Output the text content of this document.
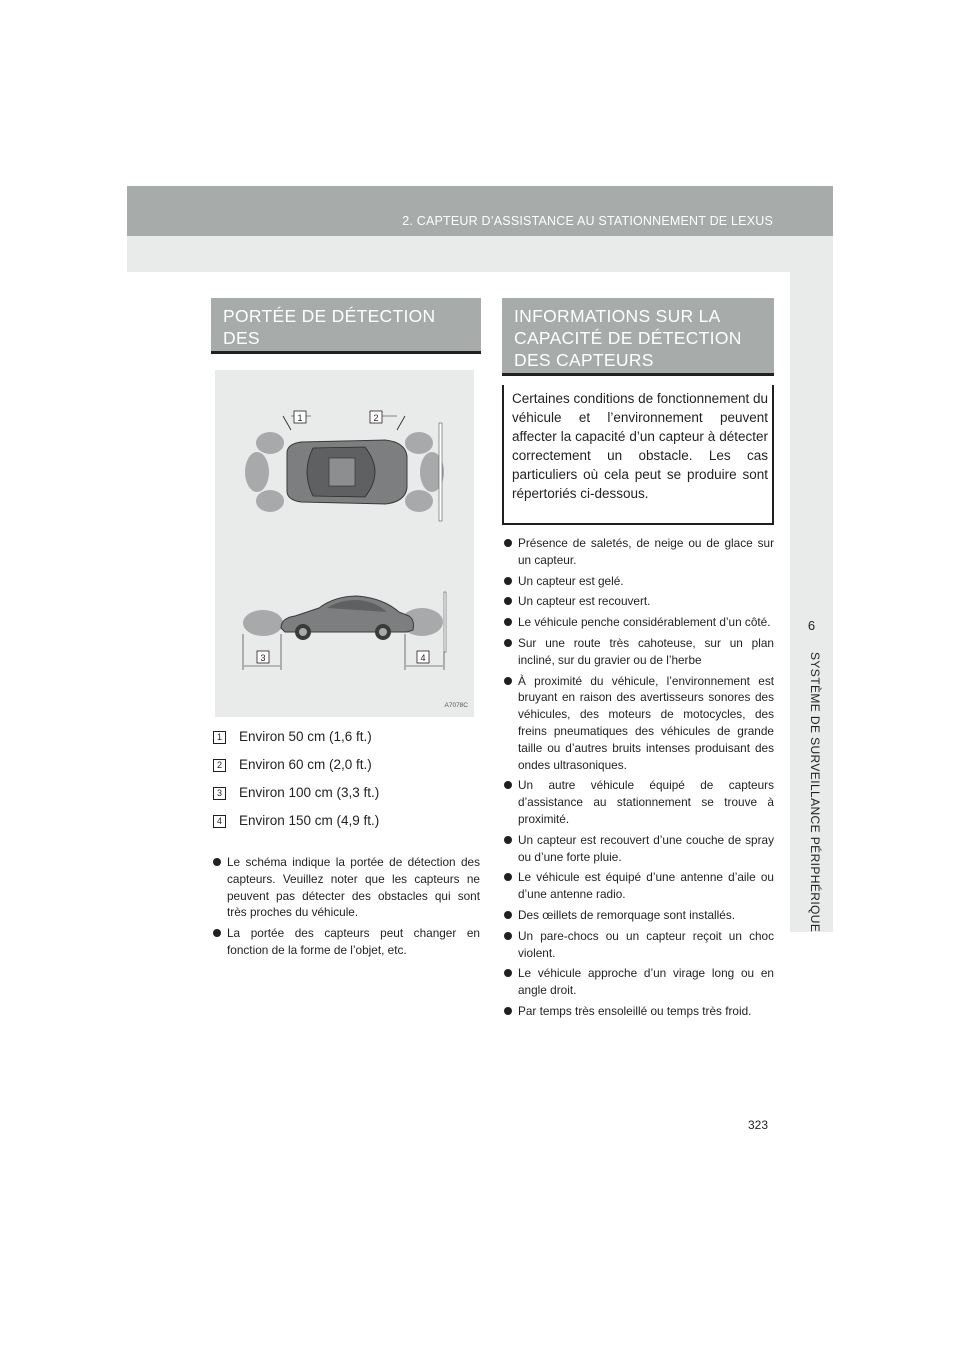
2. CAPTEUR D’ASSISTANCE AU STATIONNEMENT DE LEXUS
6
SYSTÈME DE SURVEILLANCE PÉRIPHÉRIQUE
PORTÉE DE DÉTECTION DES
CAPTEURS
1	2
3	4
A7078C
1 Environ 50 cm (1,6 ft.)
2 Environ 60 cm (2,0 ft.)
3 Environ 100 cm (3,3 ft.)
4 Environ 150 cm (4,9 ft.)
Le schéma indique la portée de détection des capteurs. Veuillez noter que les capteurs ne peuvent pas détecter des obstacles qui sont très proches du véhicule.
La portée des capteurs peut changer en fonction de la forme de l’objet, etc.
INFORMATIONS SUR LA
CAPACITÉ DE DÉTECTION
DES CAPTEURS
Certaines conditions de fonctionnement du véhicule et l’environnement peuvent affecter la capacité d’un capteur à détecter correctement un obstacle. Les cas particuliers où cela peut se produire sont répertoriés ci-dessous.
Présence de saletés, de neige ou de glace sur un capteur.
Un capteur est gelé.
Un capteur est recouvert.
Le véhicule penche considérablement d’un côté.
Sur une route très cahoteuse, sur un plan incliné, sur du gravier ou de l’herbe
À proximité du véhicule, l’environnement est bruyant en raison des avertisseurs sonores des véhicules, des moteurs de motocycles, des freins pneumatiques des véhicules de grande taille ou d’autres bruits intenses produisant des ondes ultrasoniques.
Un autre véhicule équipé de capteurs d’assistance au stationnement se trouve à proximité.
Un capteur est recouvert d’une couche de spray ou d’une forte pluie.
Le véhicule est équipé d’une antenne d’aile ou d’une antenne radio.
Des œillets de remorquage sont installés.
Un pare-chocs ou un capteur reçoit un choc violent.
Le véhicule approche d’un virage long ou en angle droit.
Par temps très ensoleillé ou temps très froid.
323
